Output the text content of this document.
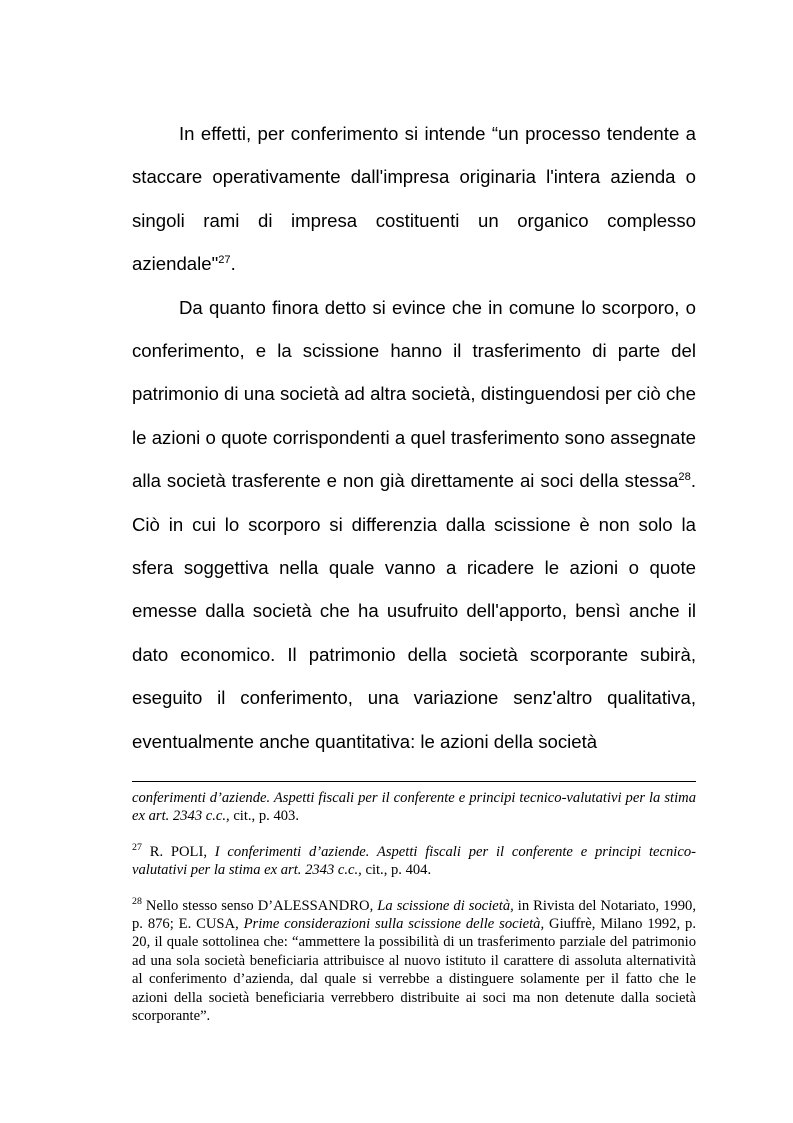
In effetti, per conferimento si intende “un processo tendente a staccare operativamente dall'impresa originaria l'intera azienda o singoli rami di impresa costituenti un organico complesso aziendale"$^{27}$.

Da quanto finora detto si evince che in comune lo scorporo, o conferimento, e la scissione hanno il trasferimento di parte del patrimonio di una società ad altra società, distinguendosi per ciò che le azioni o quote corrispondenti a quel trasferimento sono assegnate alla società trasferente e non già direttamente ai soci della stessa$^{28}$. Ciò in cui lo scorporo si differenzia dalla scissione è non solo la sfera soggettiva nella quale vanno a ricadere le azioni o quote emesse dalla società che ha usufruito dell'apporto, bensì anche il dato economico. Il patrimonio della società scorporante subirà, eseguito il conferimento, una variazione senz'altro qualitativa, eventualmente anche quantitativa: le azioni della società

conferimenti d’aziende. Aspetti fiscali per il conferente e principi tecnico-valutativi per la stima ex art. 2343 c.c., cit., p. 403.

$^{27}$ R. POLI, I conferimenti d’aziende. Aspetti fiscali per il conferente e principi tecnico-valutativi per la stima ex art. 2343 c.c., cit., p. 404.

$^{28}$ Nello stesso senso D’ALESSANDRO, La scissione di società, in Rivista del Notariato, 1990, p. 876; E. CUSA, Prime considerazioni sulla scissione delle società, Giuffrè, Milano 1992, p. 20, il quale sottolinea che: “ammettere la possibilità di un trasferimento parziale del patrimonio ad una sola società beneficiaria attribuisce al nuovo istituto il carattere di assoluta alternatività al conferimento d’azienda, dal quale si verrebbe a distinguere solamente per il fatto che le azioni della società beneficiaria verrebbero distribuite ai soci ma non detenute dalla società scorporante”.
